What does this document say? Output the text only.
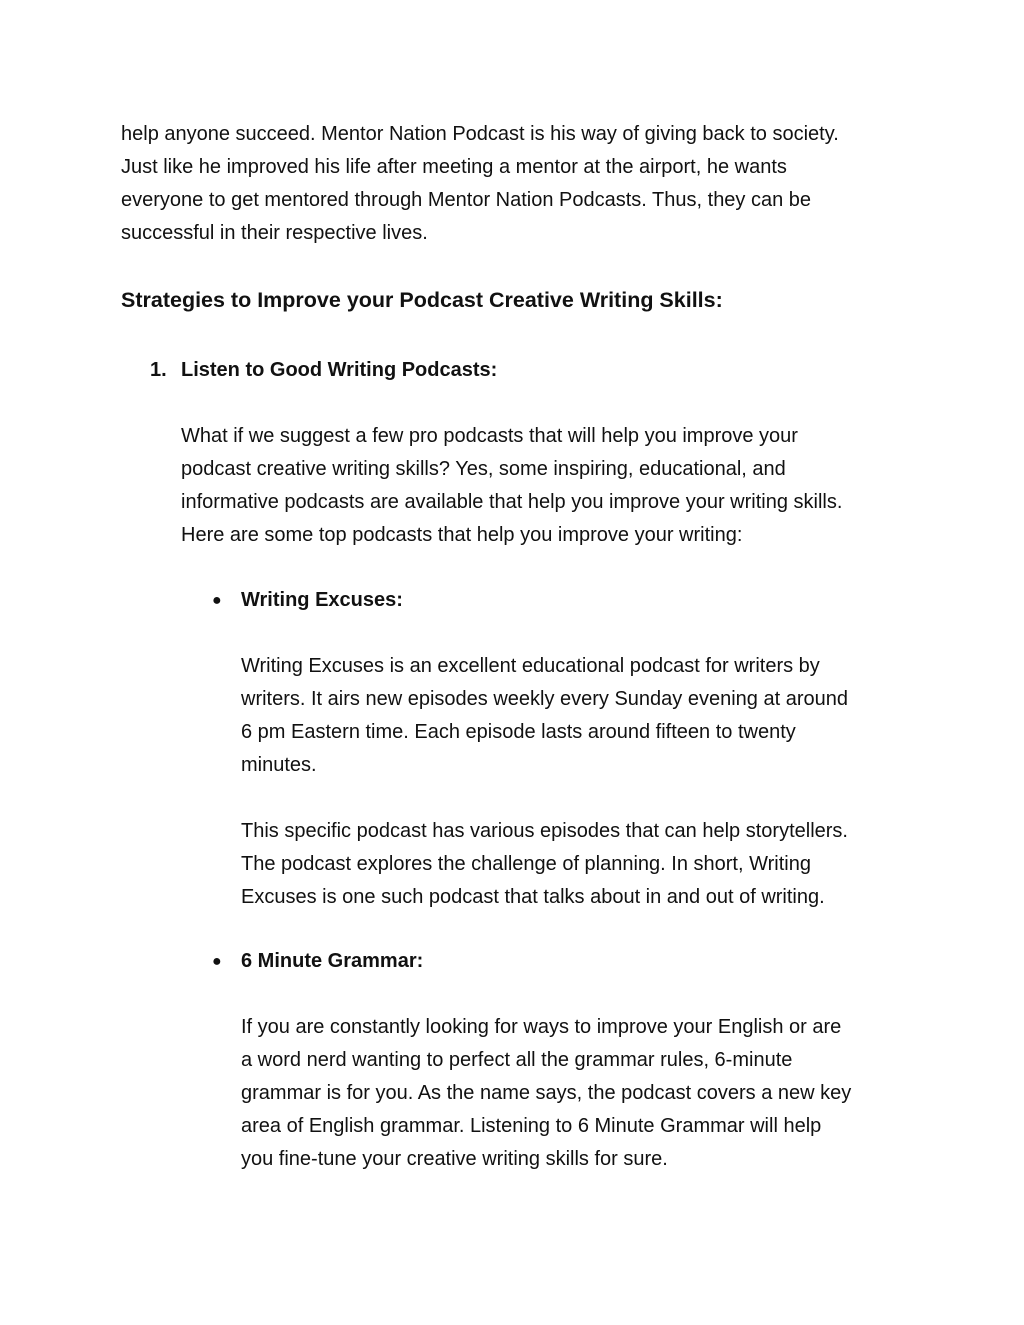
help anyone succeed. Mentor Nation Podcast is his way of giving back to society.
Just like he improved his life after meeting a mentor at the airport, he wants
everyone to get mentored through Mentor Nation Podcasts. Thus, they can be
successful in their respective lives.

Strategies to Improve your Podcast Creative Writing Skills:

1. Listen to Good Writing Podcasts:

What if we suggest a few pro podcasts that will help you improve your
podcast creative writing skills? Yes, some inspiring, educational, and
informative podcasts are available that help you improve your writing skills.
Here are some top podcasts that help you improve your writing:

● Writing Excuses:

Writing Excuses is an excellent educational podcast for writers by
writers. It airs new episodes weekly every Sunday evening at around
6 pm Eastern time. Each episode lasts around fifteen to twenty
minutes.

This specific podcast has various episodes that can help storytellers.
The podcast explores the challenge of planning. In short, Writing
Excuses is one such podcast that talks about in and out of writing.

● 6 Minute Grammar:

If you are constantly looking for ways to improve your English or are
a word nerd wanting to perfect all the grammar rules, 6-minute
grammar is for you. As the name says, the podcast covers a new key
area of English grammar. Listening to 6 Minute Grammar will help
you fine-tune your creative writing skills for sure.
